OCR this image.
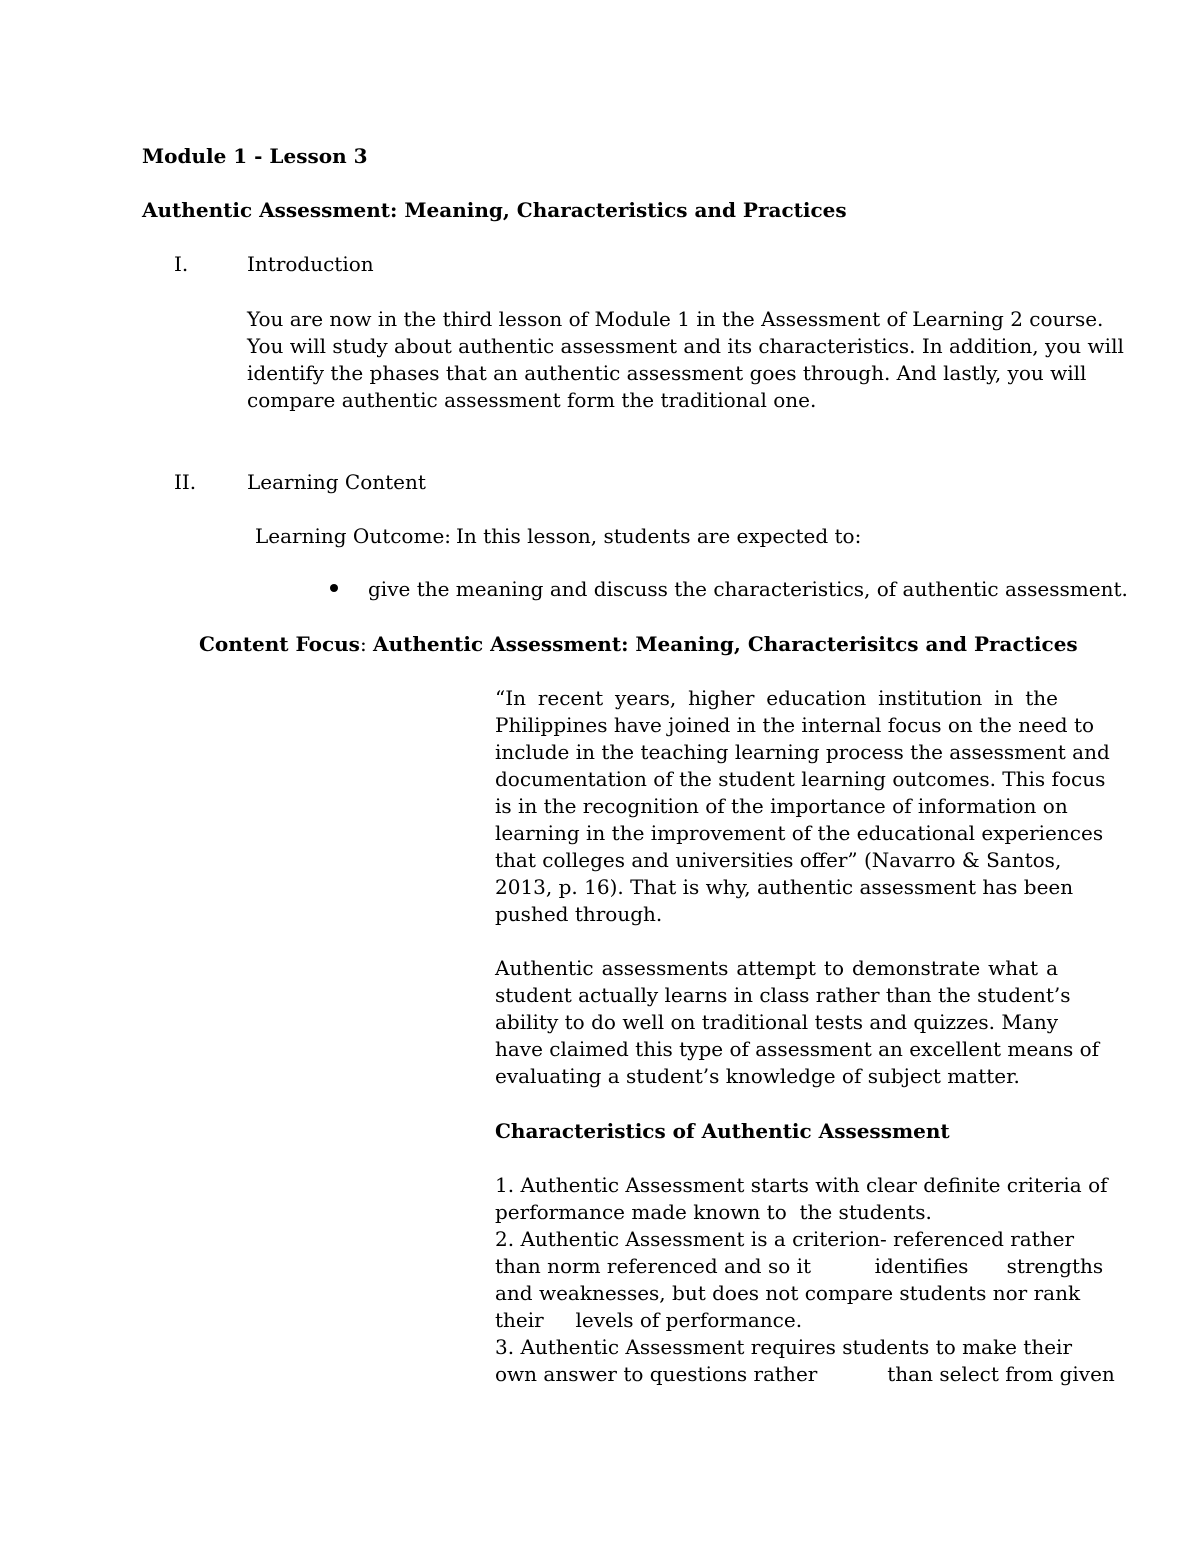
Module 1 - Lesson 3
Authentic Assessment: Meaning, Characteristics and Practices
I.	Introduction
You are now in the third lesson of Module 1 in the Assessment of Learning 2 course.
You will study about authentic assessment and its characteristics. In addition, you will
identify the phases that an authentic assessment goes through. And lastly, you will
compare authentic assessment form the traditional one.
II.	Learning Content
Learning Outcome: In this lesson, students are expected to:
give the meaning and discuss the characteristics, of authentic assessment.
Content Focus: Authentic Assessment: Meaning, Characterisitcs and Practices
“In recent years, higher education institution in the
Philippines have joined in the internal focus on the need to
include in the teaching learning process the assessment and
documentation of the student learning outcomes. This focus
is in the recognition of the importance of information on
learning in the improvement of the educational experiences
that colleges and universities offer” (Navarro & Santos,
2013, p. 16). That is why, authentic assessment has been
pushed through.
Authentic assessments attempt to demonstrate what a
student actually learns in class rather than the student’s
ability to do well on traditional tests and quizzes. Many
have claimed this type of assessment an excellent means of
evaluating a student’s knowledge of subject matter.
Characteristics of Authentic Assessment
1. Authentic Assessment starts with clear definite criteria of
performance made known to  the students.
2. Authentic Assessment is a criterion- referenced rather
than norm referenced and so it          identifies      strengths
and weaknesses, but does not compare students nor rank
their     levels of performance.
3. Authentic Assessment requires students to make their
own answer to questions rather           than select from given
